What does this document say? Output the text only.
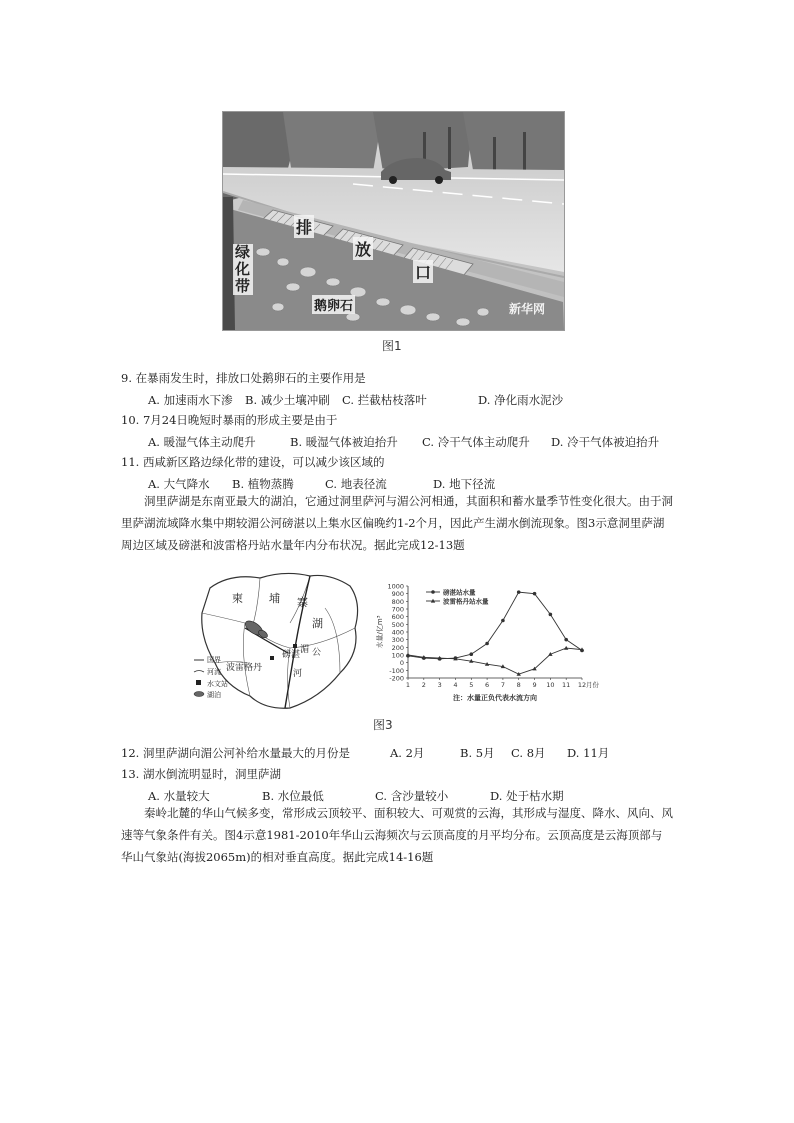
绿化带
排
放
口
鹅卵石	新华网
图1
9. 在暴雨发生时，排放口处鹅卵石的主要作用是
A. 加速雨水下渗 B. 减少土壤冲刷 C. 拦截枯枝落叶	D. 净化雨水泥沙
10. 7月24日晚短时暴雨的形成主要是由于
A. 暖湿气体主动爬升	B. 暖湿气体被迫抬升 C. 冷干气体主动爬升 D. 冷干气体被迫抬升
11. 西咸新区路边绿化带的建设，可以减少该区域的
A. 大气降水 B. 植物蒸腾	C. 地表径流	D. 地下径流

洞里萨湖是东南亚最大的湖泊，它通过洞里萨河与湄公河相通，其面积和蓄水量季节性变化很大。由于洞里萨湖流域降水集中期较湄公河磅湛以上集水区偏晚约1-2个月，因此产生湖水倒流现象。图3示意洞里萨湖周边区域及磅湛和波雷格丹站水量年内分布状况。据此完成12-13题

柬 埔 寨
湖
波雷格丹
磅湛 湄 公
河
国界
河流
水文站
湖泊
-200
-100
0
100
200
300
400
500
600
700
800
900
1000
1 2 3 4 5 6 7 8 9 10 11 12 月份
水量/亿m³
注：水量正负代表水流方向
磅湛站水量
波雷格丹站水量
图3
12. 洞里萨湖向湄公河补给水量最大的月份是	A. 2月	B. 5月 C. 8月 D. 11月
13. 湖水倒流明显时，洞里萨湖
A. 水量较大	B. 水位最低	C. 含沙量较小	D. 处于枯水期

秦岭北麓的华山气候多变，常形成云顶较平、面积较大、可观赏的云海，其形成与湿度、降水、风向、风速等气象条件有关。图4示意1981-2010年华山云海频次与云顶高度的月平均分布。云顶高度是云海顶部与华山气象站(海拔2065m)的相对垂直高度。据此完成14-16题
